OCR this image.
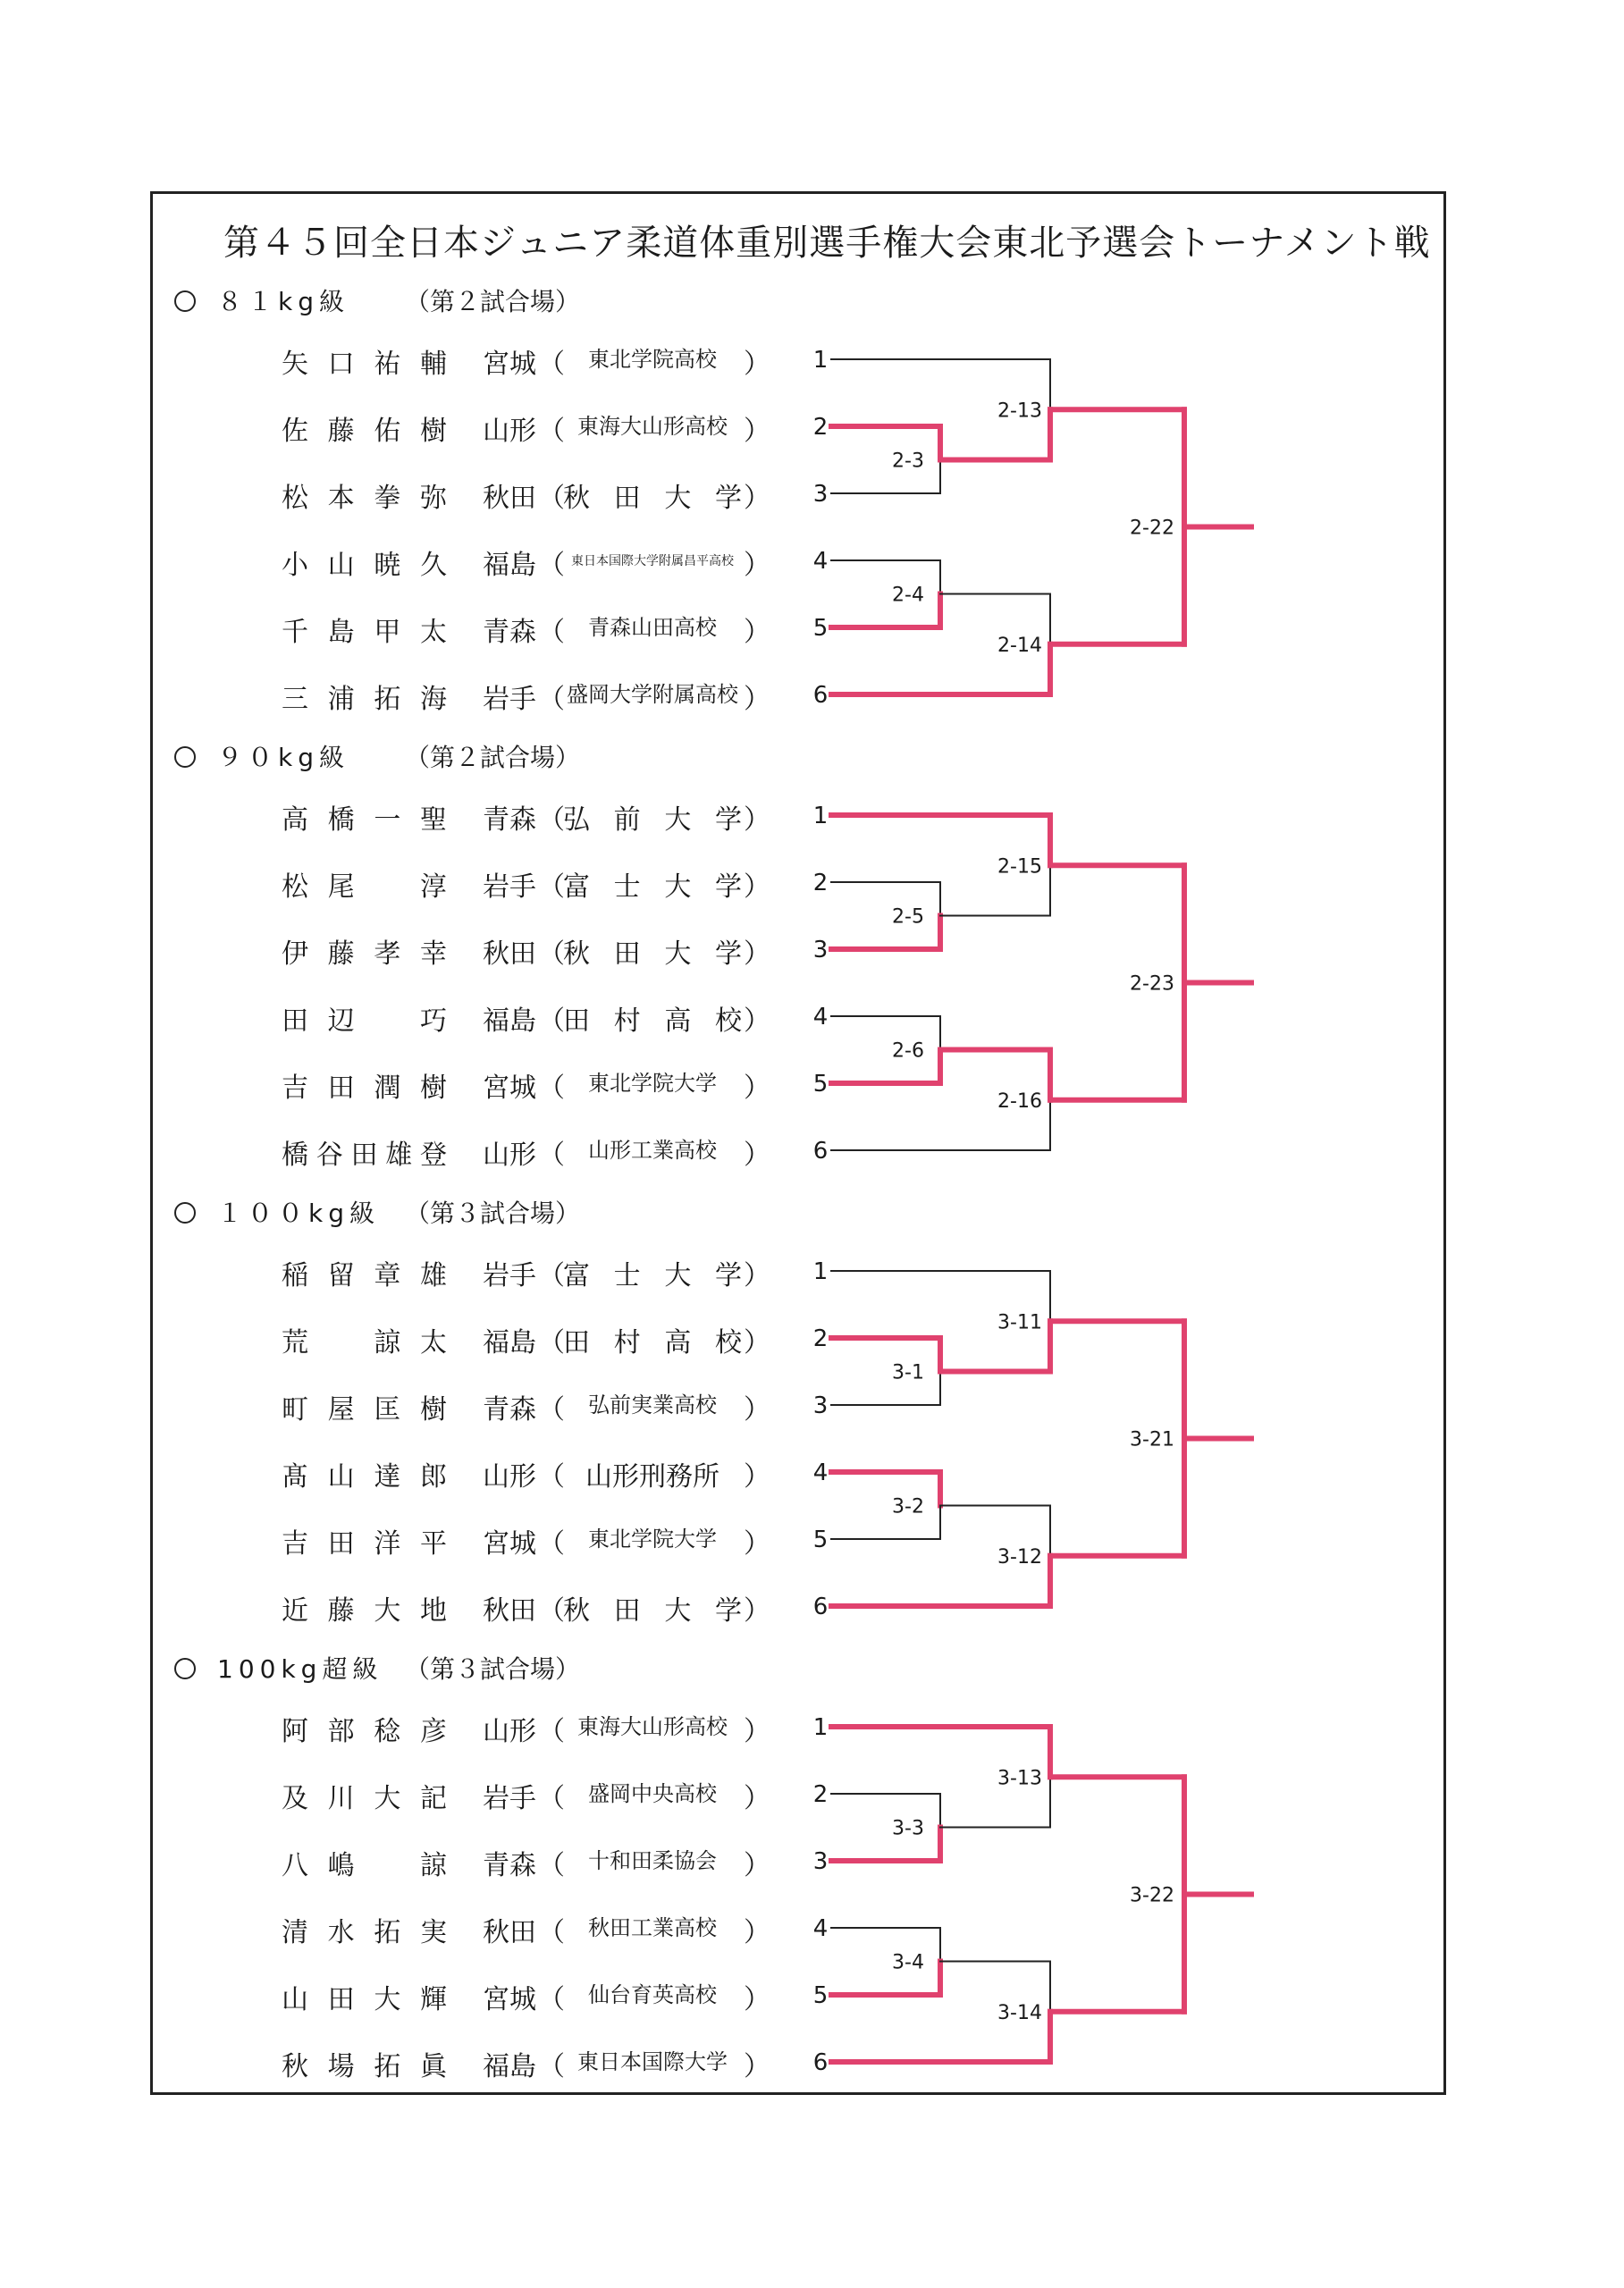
第４５回全日本ジュニア柔道体重別選手権大会東北予選会トーナメント戦
８１kg級 （第２試合場）
矢口祐輔 宮城 （	東北学院高校	）
佐藤佑樹 山形 （ 東海大山形高校 ）
松本拳弥 秋田 （
秋田大学 ）
小山暁久 福島 （ 東日本国際大学附属昌平高校 ）
千島甲太 青森 （	青森山田高校	）
三浦拓海 岩手 （ 盛岡大学附属高校 ）
９０kg級 （第２試合場）
高橋一聖 青森 （
弘前大学 ）
松尾　淳 岩手 （
富士大学 ）
伊藤孝幸 秋田 （
秋田大学 ）
田辺　巧 福島 （
田村高校 ）
吉田潤樹 宮城 （	東北学院大学	）
橋谷田雄登 山形 （	山形工業高校	）
１００kg級 （第３試合場）
稲留章雄 岩手 （
富士大学 ）
荒　諒太 福島 （
田村高校 ）
町屋匡樹 青森 （	弘前実業高校	）
髙山達郎 山形 （ 山形刑務所 ）
吉田洋平 宮城 （	東北学院大学	）
近藤大地 秋田 （
秋田大学 ）
100kg超級 （第３試合場）
阿部稔彦 山形 （ 東海大山形高校 ）
及川大記 岩手 （	盛岡中央高校	）
八嶋　諒 青森 （	十和田柔協会	）
清水拓実 秋田 （	秋田工業高校	）
山田大輝 宮城 （	仙台育英高校	）
秋場拓眞 福島 （ 東日本国際大学 ）
1
2
3
4
5
6
2-3
2-4
2-13
2-14
2-22
1
2
3
4
5
6
2-5
2-6
2-15
2-16
2-23
1
2
3
4
5
6
3-1
3-2
3-11
3-12
3-21
1
2
3
4
5
6
3-3
3-4
3-13
3-14
3-22
